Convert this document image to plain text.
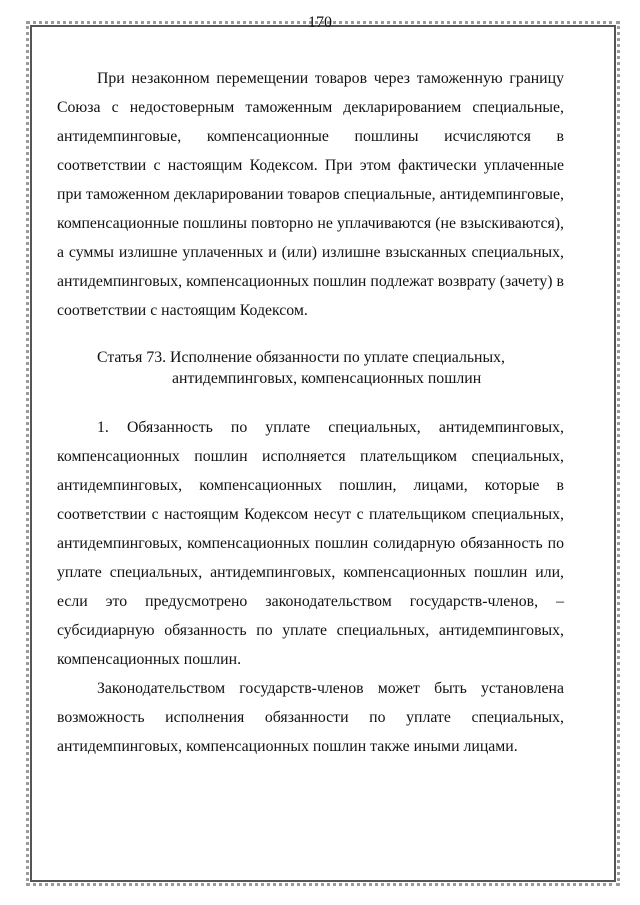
170

При незаконном перемещении товаров через таможенную границу Союза с недостоверным таможенным декларированием специальные, антидемпинговые, компенсационные пошлины исчисляются в соответствии с настоящим Кодексом. При этом фактически уплаченные при таможенном декларировании товаров специальные, антидемпинговые, компенсационные пошлины повторно не уплачиваются (не взыскиваются), а суммы излишне уплаченных и (или) излишне взысканных специальных, антидемпинговых, компенсационных пошлин подлежат возврату (зачету) в соответствии с настоящим Кодексом.

Статья 73. Исполнение обязанности по уплате специальных,
антидемпинговых, компенсационных пошлин

1. Обязанность по уплате специальных, антидемпинговых, компенсационных пошлин исполняется плательщиком специальных, антидемпинговых, компенсационных пошлин, лицами, которые в соответствии с настоящим Кодексом несут с плательщиком специальных, антидемпинговых, компенсационных пошлин солидарную обязанность по уплате специальных, антидемпинговых, компенсационных пошлин или, если это предусмотрено законодательством государств-членов, – субсидиарную обязанность по уплате специальных, антидемпинговых, компенсационных пошлин.

Законодательством государств-членов может быть установлена возможность исполнения обязанности по уплате специальных, антидемпинговых, компенсационных пошлин также иными лицами.
